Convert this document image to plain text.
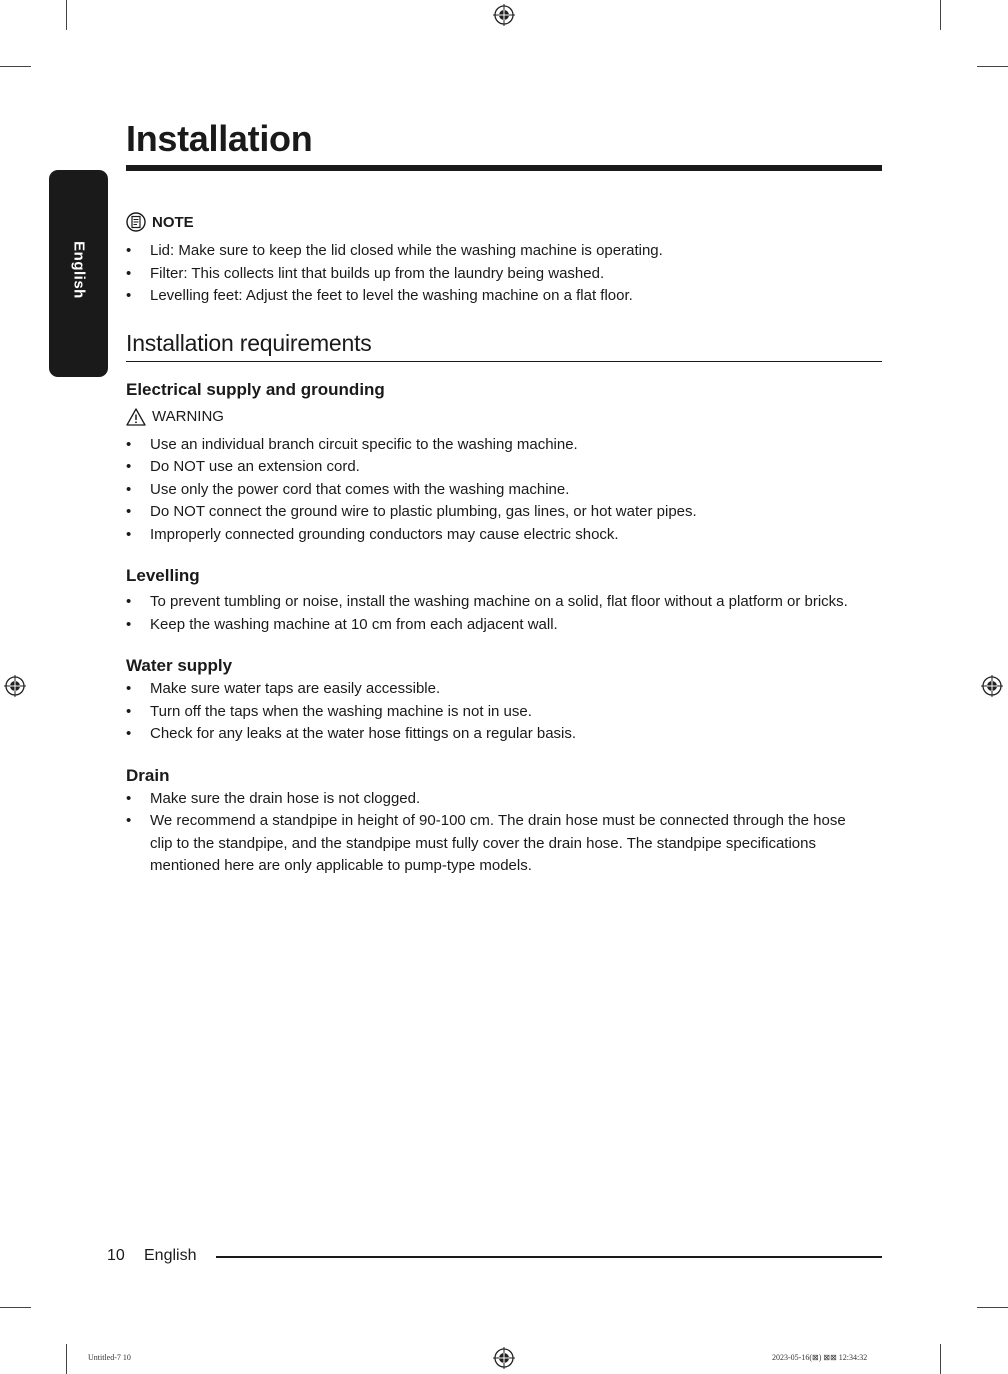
English
Installation
NOTE
• Lid: Make sure to keep the lid closed while the washing machine is operating.
• Filter: This collects lint that builds up from the laundry being washed.
• Levelling feet: Adjust the feet to level the washing machine on a flat floor.
Installation requirements
Electrical supply and grounding
WARNING
• Use an individual branch circuit specific to the washing machine.
• Do NOT use an extension cord.
• Use only the power cord that comes with the washing machine.
• Do NOT connect the ground wire to plastic plumbing, gas lines, or hot water pipes.
• Improperly connected grounding conductors may cause electric shock.
Levelling
• To prevent tumbling or noise, install the washing machine on a solid, flat floor without a platform or bricks.
• Keep the washing machine at 10 cm from each adjacent wall.
Water supply
• Make sure water taps are easily accessible.
• Turn off the taps when the washing machine is not in use.
• Check for any leaks at the water hose fittings on a regular basis.
Drain
• Make sure the drain hose is not clogged.
• We recommend a standpipe in height of 90-100 cm. The drain hose must be connected through the hose clip to the standpipe, and the standpipe must fully cover the drain hose. The standpipe specifications mentioned here are only applicable to pump-type models.
10 English
Untitled-7 10	2023-05-16(⊠) ⊠⊠ 12:34:32
